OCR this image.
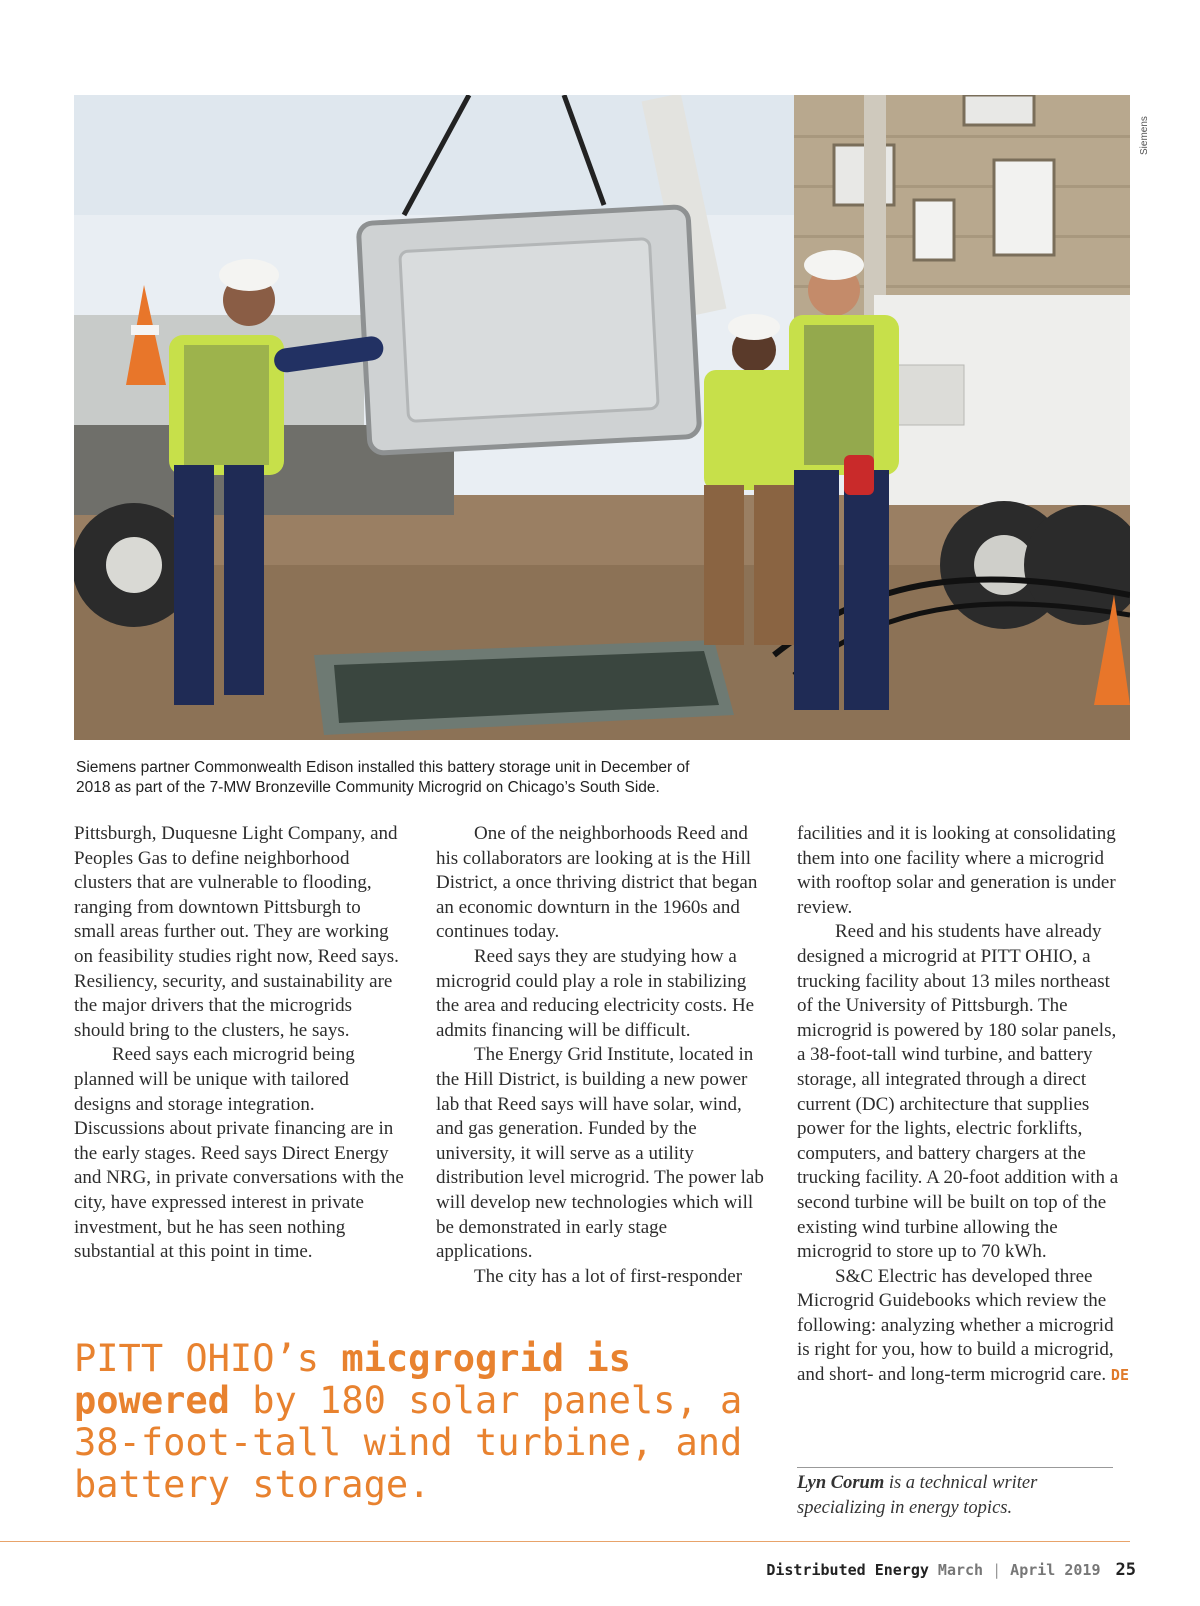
Siemens
Siemens partner Commonwealth Edison installed this battery storage unit in December of
2018 as part of the 7-MW Bronzeville Community Microgrid on Chicago’s South Side.

Pittsburgh, Duquesne Light Company, and Peoples Gas to define neighborhood clusters that are vulnerable to flooding, ranging from downtown Pittsburgh to small areas further out. They are working on feasibility studies right now, Reed says. Resiliency, security, and sustainability are the major drivers that the microgrids should bring to the clusters, he says.

Reed says each microgrid being planned will be unique with tailored designs and storage integration. Discussions about private financing are in the early stages. Reed says Direct Energy and NRG, in private conversations with the city, have expressed interest in private investment, but he has seen nothing substantial at this point in time.

One of the neighborhoods Reed and his collaborators are looking at is the Hill District, a once thriving district that began an economic downturn in the 1960s and continues today.

Reed says they are studying how a microgrid could play a role in stabilizing the area and reducing electricity costs. He admits financing will be difficult.

The Energy Grid Institute, located in the Hill District, is building a new power lab that Reed says will have solar, wind, and gas generation. Funded by the university, it will serve as a utility distribution level microgrid. The power lab will develop new technologies which will be demonstrated in early stage applications.

The city has a lot of first-responder

facilities and it is looking at consolidating them into one facility where a microgrid with rooftop solar and generation is under review.

Reed and his students have already designed a microgrid at PITT OHIO, a trucking facility about 13 miles northeast of the University of Pittsburgh. The microgrid is powered by 180 solar panels, a 38-foot-tall wind turbine, and battery storage, all integrated through a direct current (DC) architecture that supplies power for the lights, electric forklifts, computers, and battery chargers at the trucking facility. A 20-foot addition with a second turbine will be built on top of the existing wind turbine allowing the microgrid to store up to 70 kWh.

S&C Electric has developed three Microgrid Guidebooks which review the following: analyzing whether a microgrid is right for you, how to build a microgrid, and short- and long-term microgrid care. DE

PITT OHIO’s micgrogrid is powered by 180 solar panels, a 38-foot-tall wind turbine, and battery storage.	Lyn Corum is a technical writer specializing in energy topics.
Distributed Energy March | April 2019 25
